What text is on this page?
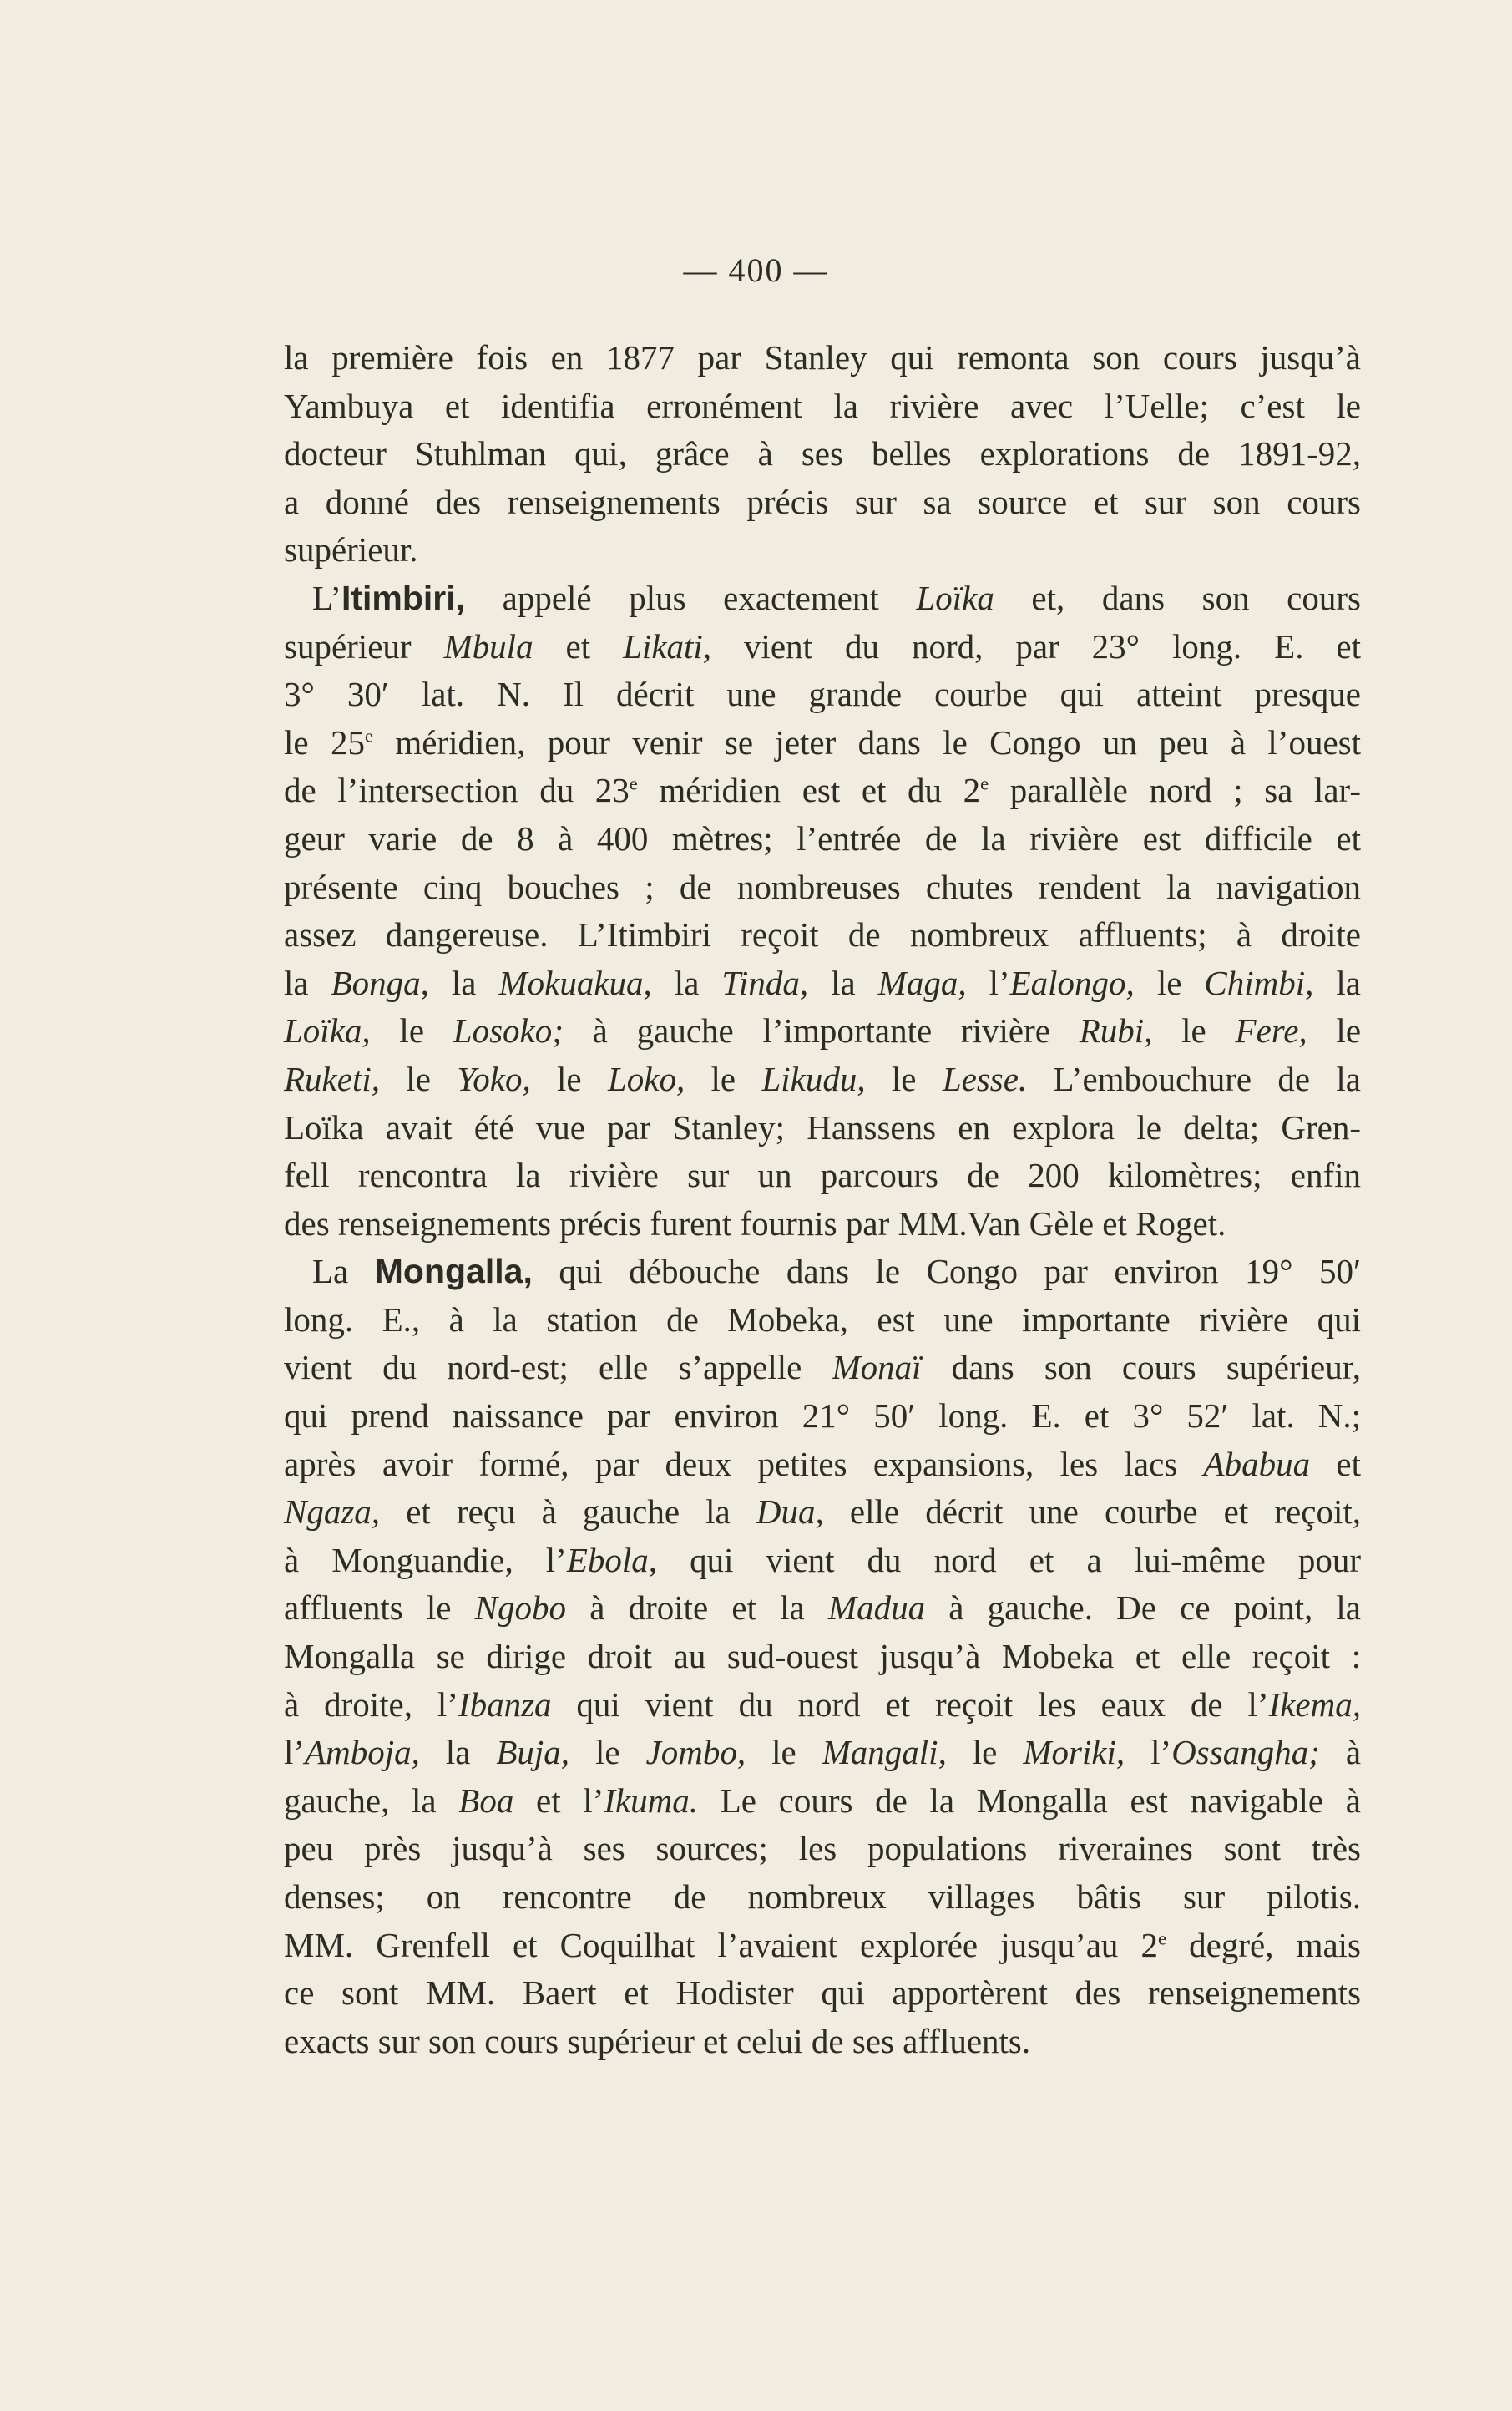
— 400 —
la première fois en 1877 par Stanley qui remonta son cours jusqu’à
Yambuya et identifia erronément la rivière avec l’Uelle; c’est le
docteur Stuhlman qui, grâce à ses belles explorations de 1891-92,
a donné des renseignements précis sur sa source et sur son cours
supérieur.
L’Itimbiri, appelé plus exactement Loïka et, dans son cours
supérieur Mbula et Likati, vient du nord, par 23° long. E. et
3° 30′ lat. N. Il décrit une grande courbe qui atteint presque
le 25e méridien, pour venir se jeter dans le Congo un peu à l’ouest
de l’intersection du 23e méridien est et du 2e parallèle nord ; sa lar-
geur varie de 8 à 400 mètres; l’entrée de la rivière est difficile et
présente cinq bouches ; de nombreuses chutes rendent la navigation
assez dangereuse. L’Itimbiri reçoit de nombreux affluents; à droite
la Bonga, la Mokuakua, la Tinda, la Maga, l’Ealongo, le Chimbi, la
Loïka, le Losoko; à gauche l’importante rivière Rubi, le Fere, le
Ruketi, le Yoko, le Loko, le Likudu, le Lesse. L’embouchure de la
Loïka avait été vue par Stanley; Hanssens en explora le delta; Gren-
fell rencontra la rivière sur un parcours de 200 kilomètres; enfin
des renseignements précis furent fournis par MM.Van Gèle et Roget.
La Mongalla, qui débouche dans le Congo par environ 19° 50′
long. E., à la station de Mobeka, est une importante rivière qui
vient du nord-est; elle s’appelle Monaï dans son cours supérieur,
qui prend naissance par environ 21° 50′ long. E. et 3° 52′ lat. N.;
après avoir formé, par deux petites expansions, les lacs Ababua et
Ngaza, et reçu à gauche la Dua, elle décrit une courbe et reçoit,
à Monguandie, l’Ebola, qui vient du nord et a lui-même pour
affluents le Ngobo à droite et la Madua à gauche. De ce point, la
Mongalla se dirige droit au sud-ouest jusqu’à Mobeka et elle reçoit :
à droite, l’Ibanza qui vient du nord et reçoit les eaux de l’Ikema,
l’Amboja, la Buja, le Jombo, le Mangali, le Moriki, l’Ossangha; à
gauche, la Boa et l’Ikuma. Le cours de la Mongalla est navigable à
peu près jusqu’à ses sources; les populations riveraines sont très
denses; on rencontre de nombreux villages bâtis sur pilotis.
MM. Grenfell et Coquilhat l’avaient explorée jusqu’au 2e degré, mais
ce sont MM. Baert et Hodister qui apportèrent des renseignements
exacts sur son cours supérieur et celui de ses affluents.
